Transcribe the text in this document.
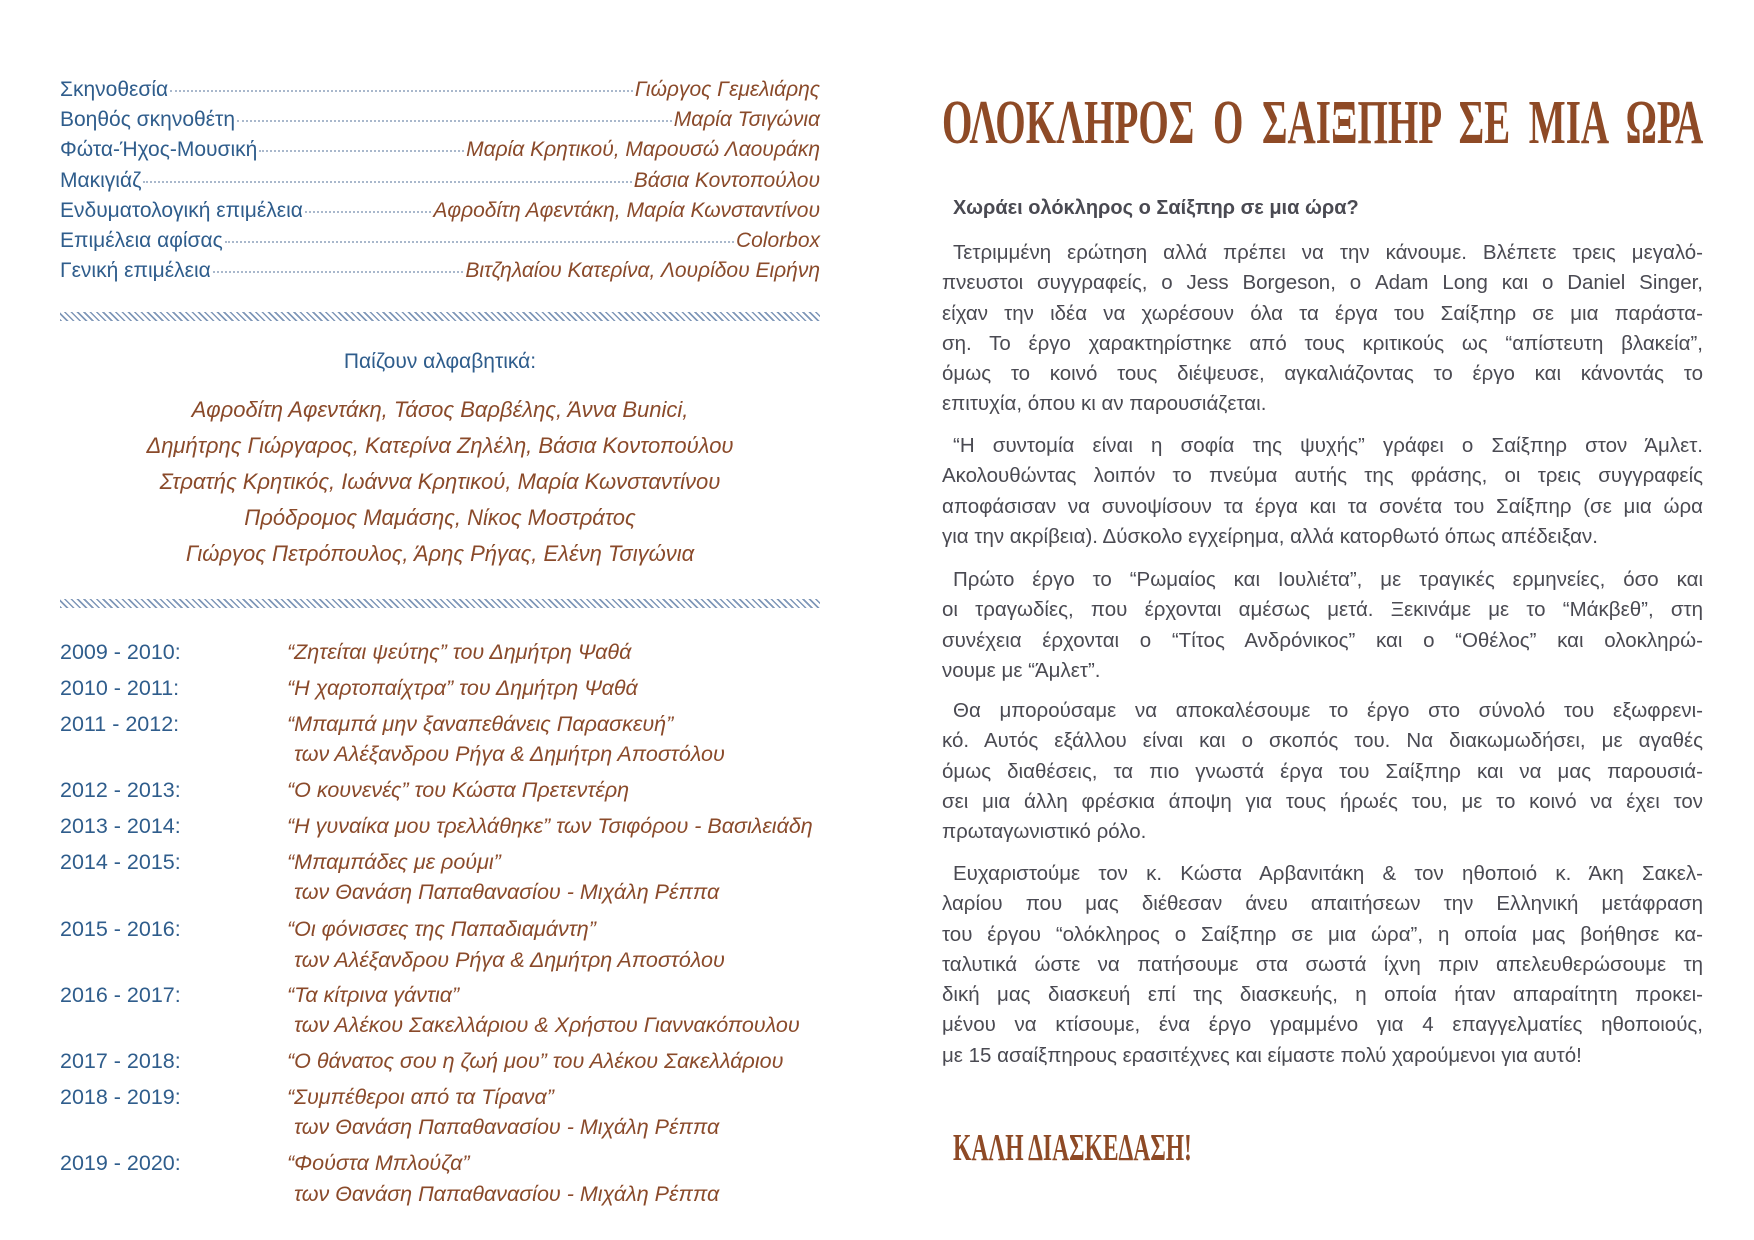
Σκηνοθεσία	Γιώργος Γεμελιάρης
Βοηθός σκηνοθέτη	Μαρία Τσιγώνια
Φώτα-Ήχος-Μουσική	Μαρία Κρητικού, Μαρουσώ Λαουράκη
Μακιγιάζ	Βάσια Κοντοπούλου
Ενδυματολογική επιμέλεια	Αφροδίτη Αφεντάκη, Μαρία Κωνσταντίνου
Επιμέλεια αφίσας	Colorbox
Γενική επιμέλεια	Βιτζηλαίου Κατερίνα, Λουρίδου Ειρήνη
Παίζουν αλφαβητικά:
Αφροδίτη Αφεντάκη, Τάσος Βαρβέλης, Άννα Bunici,
Δημήτρης Γιώργαρος, Κατερίνα Ζηλέλη, Βάσια Κοντοπούλου
Στρατής Κρητικός, Ιωάννα Κρητικού, Μαρία Κωνσταντίνου
Πρόδρομος Μαμάσης, Νίκος Μοστράτος
Γιώργος Πετρόπουλος, Άρης Ρήγας, Ελένη Τσιγώνια
2009 - 2010:	“Ζητείται ψεύτης” του Δημήτρη Ψαθά
2010 - 2011:	“Η χαρτοπαίχτρα” του Δημήτρη Ψαθά
2011 - 2012:	“Μπαμπά μην ξαναπεθάνεις Παρασκευή”
των Αλέξανδρου Ρήγα & Δημήτρη Αποστόλου
2012 - 2013:	“Ο κουνενές” του Κώστα Πρετεντέρη
2013 - 2014:	“Η γυναίκα μου τρελλάθηκε” των Τσιφόρου - Βασιλειάδη
2014 - 2015:	“Μπαμπάδες με ρούμι”
των Θανάση Παπαθανασίου - Μιχάλη Ρέππα
2015 - 2016:	“Οι φόνισσες της Παπαδιαμάντη”
των Αλέξανδρου Ρήγα & Δημήτρη Αποστόλου
2016 - 2017:	“Τα κίτρινα γάντια”
των Αλέκου Σακελλάριου & Χρήστου Γιαννακόπουλου
2017 - 2018:	“Ο θάνατος σου η ζωή μου” του Αλέκου Σακελλάριου
2018 - 2019:	“Συμπέθεροι από τα Τίρανα”
των Θανάση Παπαθανασίου - Μιχάλη Ρέππα
2019 - 2020:	“Φούστα Μπλούζα”
των Θανάση Παπαθανασίου - Μιχάλη Ρέππα
ΟΛΟΚΛΗΡΟΣ Ο ΣΑΙΞΠΗΡ ΣΕ ΜΙΑ ΩΡΑ
Χωράει ολόκληρος ο Σαίξπηρ σε μια ώρα?
Τετριμμένη ερώτηση αλλά πρέπει να την κάνουμε. Βλέπετε τρεις μεγαλό-
πνευστοι συγγραφείς, ο Jess Borgeson, ο Adam Long και ο Daniel Singer,
είχαν την ιδέα να χωρέσουν όλα τα έργα του Σαίξπηρ σε μια παράστα-
ση. Το έργο χαρακτηρίστηκε από τους κριτικούς ως “απίστευτη βλακεία”,
όμως το κοινό τους διέψευσε, αγκαλιάζοντας το έργο και κάνοντάς το
επιτυχία, όπου κι αν παρουσιάζεται.
“Η συντομία είναι η σοφία της ψυχής” γράφει ο Σαίξπηρ στον Άμλετ.
Ακολουθώντας λοιπόν το πνεύμα αυτής της φράσης, οι τρεις συγγραφείς
αποφάσισαν να συνοψίσουν τα έργα και τα σονέτα του Σαίξπηρ (σε μια ώρα
για την ακρίβεια). Δύσκολο εγχείρημα, αλλά κατορθωτό όπως απέδειξαν.
Πρώτο έργο το “Ρωμαίος και Ιουλιέτα”, με τραγικές ερμηνείες, όσο και
οι τραγωδίες, που έρχονται αμέσως μετά. Ξεκινάμε με το “Μάκβεθ”, στη
συνέχεια έρχονται ο “Τίτος Ανδρόνικος” και ο “Οθέλος” και ολοκληρώ-
νουμε με “Άμλετ”.
Θα μπορούσαμε να αποκαλέσουμε το έργο στο σύνολό του εξωφρενι-
κό. Αυτός εξάλλου είναι και ο σκοπός του. Να διακωμωδήσει, με αγαθές
όμως διαθέσεις, τα πιο γνωστά έργα του Σαίξπηρ και να μας παρουσιά-
σει μια άλλη φρέσκια άποψη για τους ήρωές του, με το κοινό να έχει τον
πρωταγωνιστικό ρόλο.
Ευχαριστούμε τον κ. Κώστα Αρβανιτάκη & τον ηθοποιό κ. Άκη Σακελ-
λαρίου που μας διέθεσαν άνευ απαιτήσεων την Ελληνική μετάφραση
του έργου “ολόκληρος ο Σαίξπηρ σε μια ώρα”, η οποία μας βοήθησε κα-
ταλυτικά ώστε να πατήσουμε στα σωστά ίχνη πριν απελευθερώσουμε τη
δική μας διασκευή επί της διασκευής, η οποία ήταν απαραίτητη προκει-
μένου να κτίσουμε, ένα έργο γραμμένο για 4 επαγγελματίες ηθοποιούς,
με 15 ασαίξπηρους ερασιτέχνες και είμαστε πολύ χαρούμενοι για αυτό!
ΚΑΛΗ ΔΙΑΣΚΕΔΑΣΗ!
